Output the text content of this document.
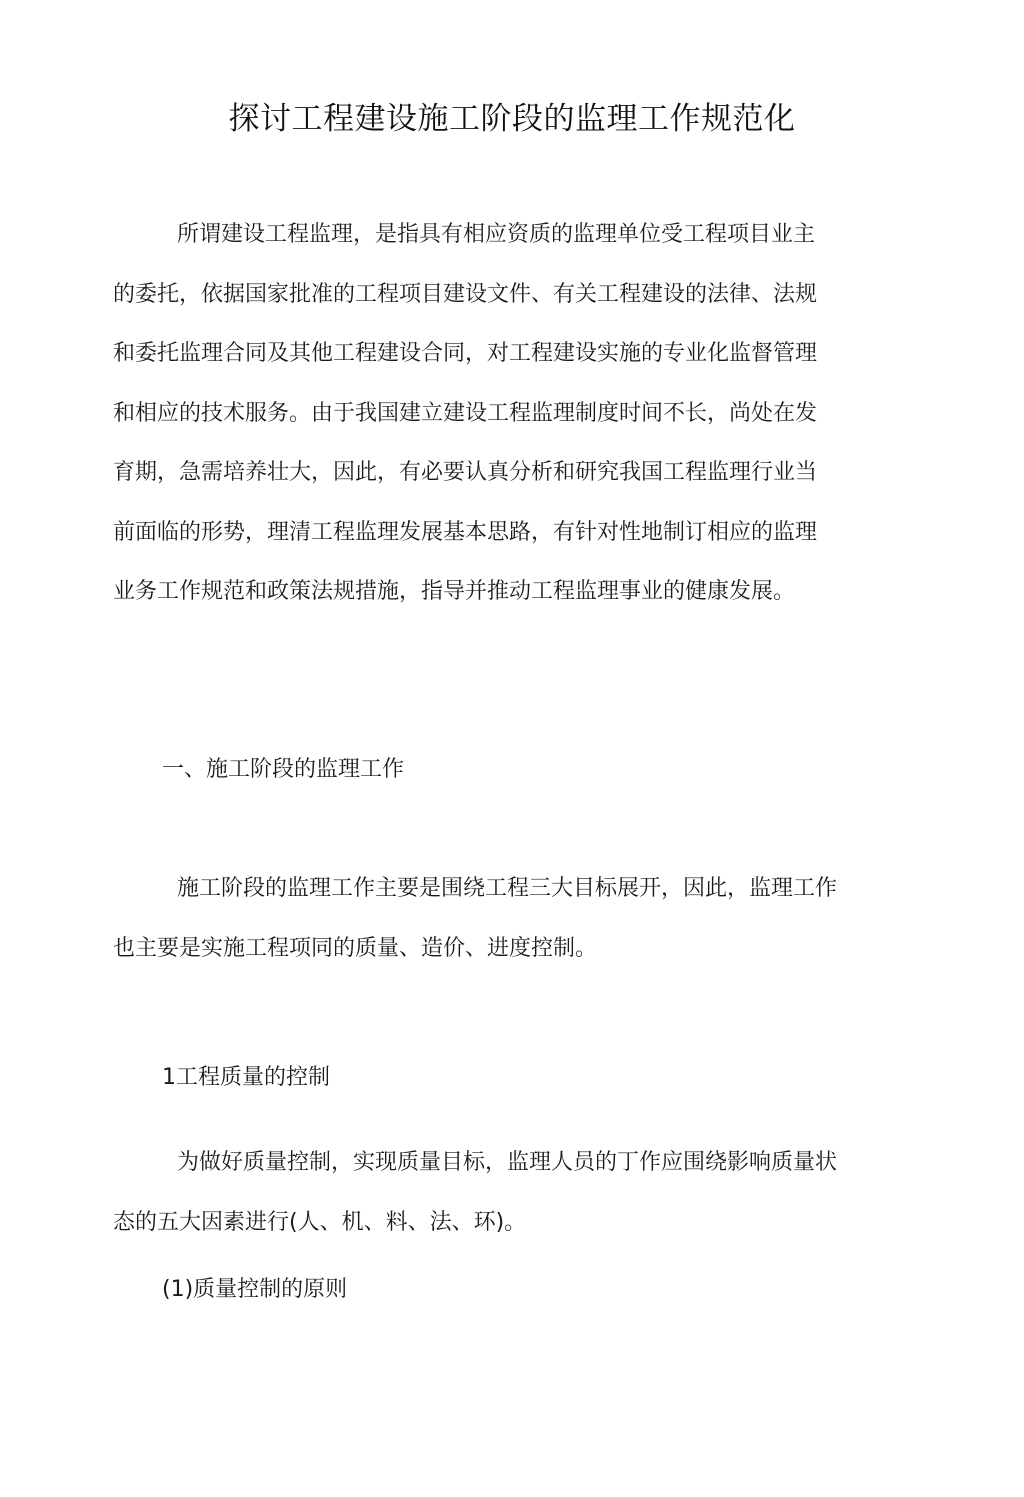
探讨工程建设施工阶段的监理工作规范化
所谓建设工程监理，是指具有相应资质的监理单位受工程项目业主
的委托，依据国家批准的工程项目建设文件、有关工程建设的法律、法规
和委托监理合同及其他工程建设合同，对工程建设实施的专业化监督管理
和相应的技术服务。由于我国建立建设工程监理制度时间不长，尚处在发
育期，急需培养壮大，因此，有必要认真分析和研究我国工程监理行业当
前面临的形势，理清工程监理发展基本思路，有针对性地制订相应的监理
业务工作规范和政策法规措施，指导并推动工程监理事业的健康发展。
一、施工阶段的监理工作
施工阶段的监理工作主要是围绕工程三大目标展开，因此，监理工作
也主要是实施工程项同的质量、造价、进度控制。
1工程质量的控制
为做好质量控制，实现质量目标，监理人员的丁作应围绕影响质量状
态的五大因素进行(人、机、料、法、环)。
(1)质量控制的原则
